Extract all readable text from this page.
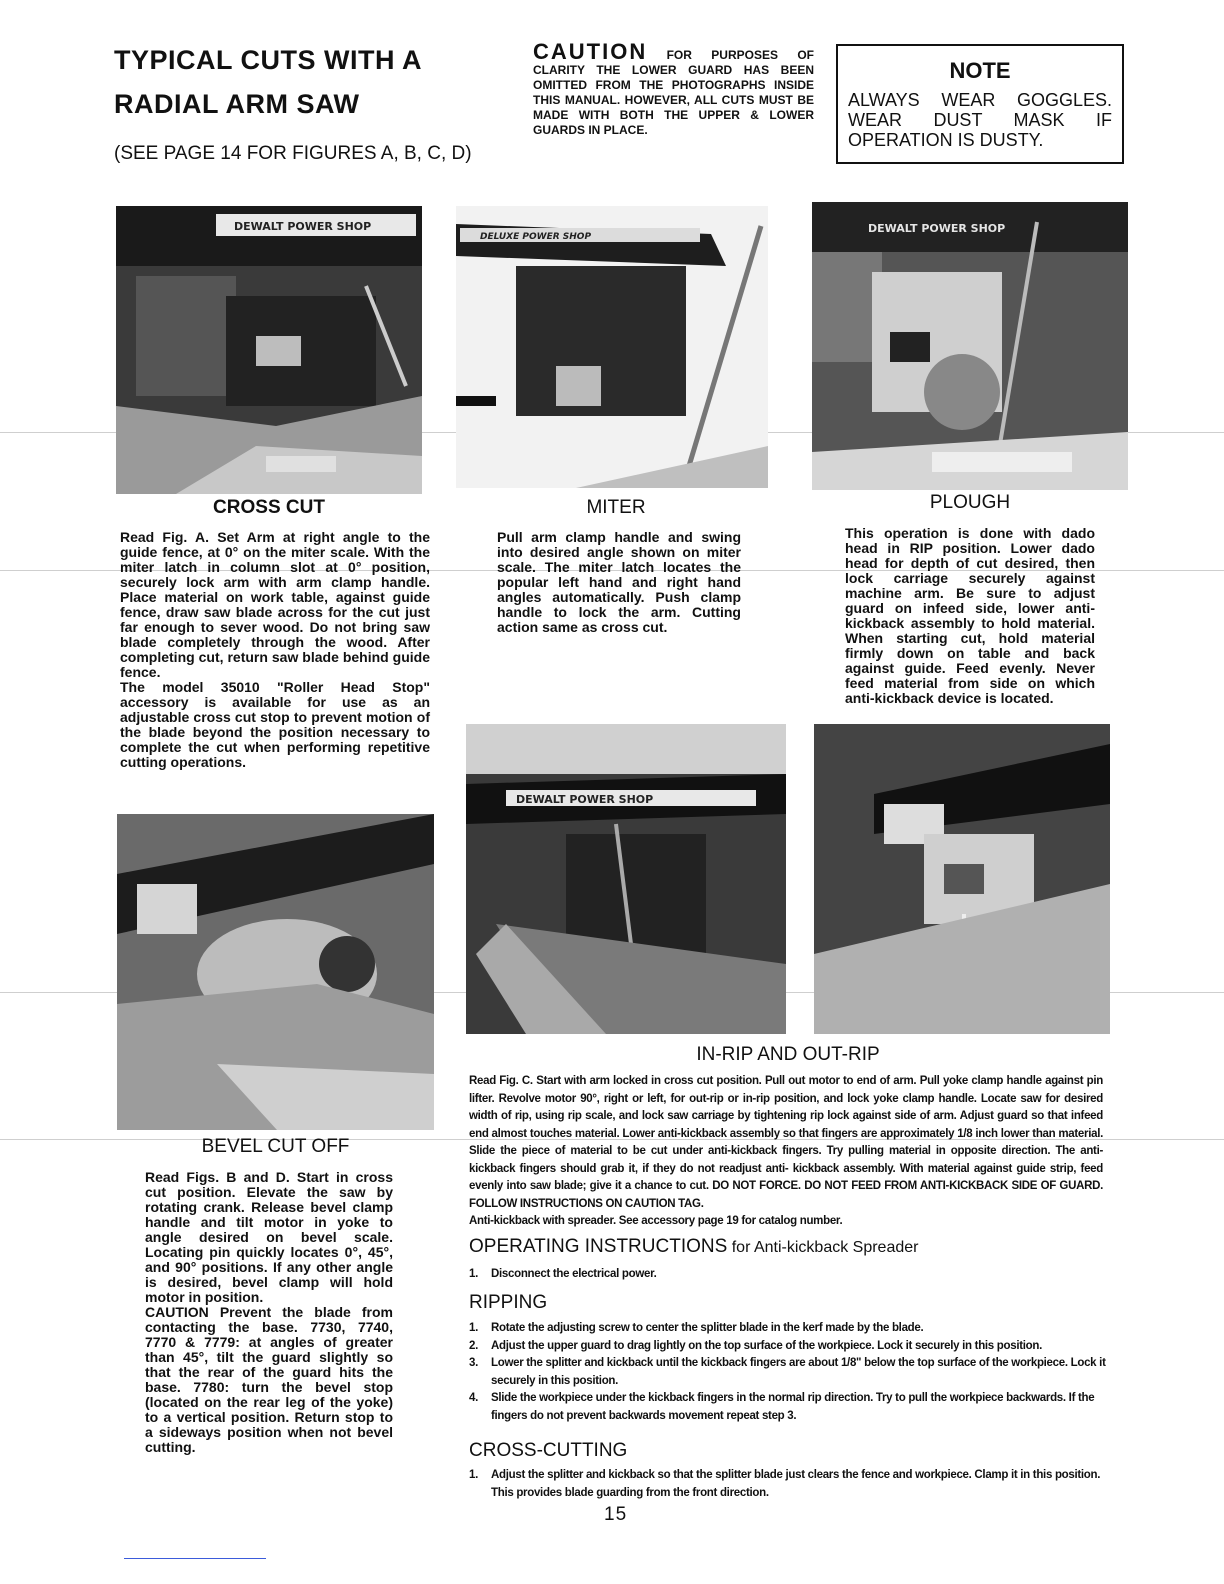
TYPICAL CUTS WITH A
RADIAL ARM SAW
(SEE PAGE 14 FOR FIGURES A, B, C, D)
CAUTION FOR PURPOSES OF CLARITY THE LOWER GUARD HAS BEEN OMITTED FROM THE PHOTOGRAPHS INSIDE THIS MANUAL. HOWEVER, ALL CUTS MUST BE MADE WITH BOTH THE UPPER & LOWER GUARDS IN PLACE.
NOTE
ALWAYS WEAR GOGGLES. WEAR DUST MASK IF OPERATION IS DUSTY.
DEWALT POWER SHOP
DELUXE POWER SHOP
DEWALT POWER SHOP
CROSS CUT	MITER	PLOUGH
Read Fig. A. Set Arm at right angle to the guide fence, at 0° on the miter scale. With the miter latch in column slot at 0° position, securely lock arm with arm clamp handle. Place material on work table, against guide fence, draw saw blade across for the cut just far enough to sever wood. Do not bring saw blade completely through the wood. After completing cut, return saw blade behind guide fence.
The model 35010 "Roller Head Stop" accessory is available for use as an adjustable cross cut stop to prevent motion of the blade beyond the position necessary to complete the cut when performing repetitive cutting operations.
Pull arm clamp handle and swing into desired angle shown on miter scale. The miter latch locates the popular left hand and right hand angles automatically. Push clamp handle to lock the arm. Cutting action same as cross cut.
This operation is done with dado head in RIP position. Lower dado head for depth of cut desired, then lock carriage securely against machine arm. Be sure to adjust guard on infeed side, lower anti-kickback assembly to hold material. When starting cut, hold material firmly down on table and back against guide. Feed evenly. Never feed material from side on which anti-kickback device is located.
DEWALT POWER SHOP
BEVEL CUT OFF
Read Figs. B and D. Start in cross cut position. Elevate the saw by rotating crank. Release bevel clamp handle and tilt motor in yoke to angle desired on bevel scale. Locating pin quickly locates 0°, 45°, and 90° positions. If any other angle is desired, bevel clamp will hold motor in position.
CAUTION Prevent the blade from contacting the base. 7730, 7740, 7770 & 7779: at angles of greater than 45°, tilt the guard slightly so that the rear of the guard hits the base. 7780: turn the bevel stop (located on the rear leg of the yoke) to a vertical position. Return stop to a sideways position when not bevel cutting.
IN-RIP AND OUT-RIP
Read Fig. C. Start with arm locked in cross cut position. Pull out motor to end of arm. Pull yoke clamp handle against pin lifter. Revolve motor 90°, right or left, for out-rip or in-rip position, and lock yoke clamp handle. Locate saw for desired width of rip, using rip scale, and lock saw carriage by tightening rip lock against side of arm. Adjust guard so that infeed end almost touches material. Lower anti-kickback assembly so that fingers are approximately 1/8 inch lower than material. Slide the piece of material to be cut under anti-kickback fingers. Try pulling material in opposite direction. The anti-kickback fingers should grab it, if they do not readjust anti- kickback assembly. With material against guide strip, feed evenly into saw blade; give it a chance to cut. DO NOT FORCE. DO NOT FEED FROM ANTI-KICKBACK SIDE OF GUARD. FOLLOW INSTRUCTIONS ON CAUTION TAG.
Anti-kickback with spreader. See accessory page 19 for catalog number.
OPERATING INSTRUCTIONS for Anti-kickback Spreader
1.	Disconnect the electrical power.
RIPPING
1.	Rotate the adjusting screw to center the splitter blade in the kerf made by the blade.
2.	Adjust the upper guard to drag lightly on the top surface of the workpiece. Lock it securely in this position.
3.	Lower the splitter and kickback until the kickback fingers are about 1/8" below the top surface of the workpiece. Lock it securely in this position.
4.	Slide the workpiece under the kickback fingers in the normal rip direction. Try to pull the workpiece backwards. If the fingers do not prevent backwards movement repeat step 3.
CROSS-CUTTING
1.	Adjust the splitter and kickback so that the splitter blade just clears the fence and workpiece. Clamp it in this position. This provides blade guarding from the front direction.
15
